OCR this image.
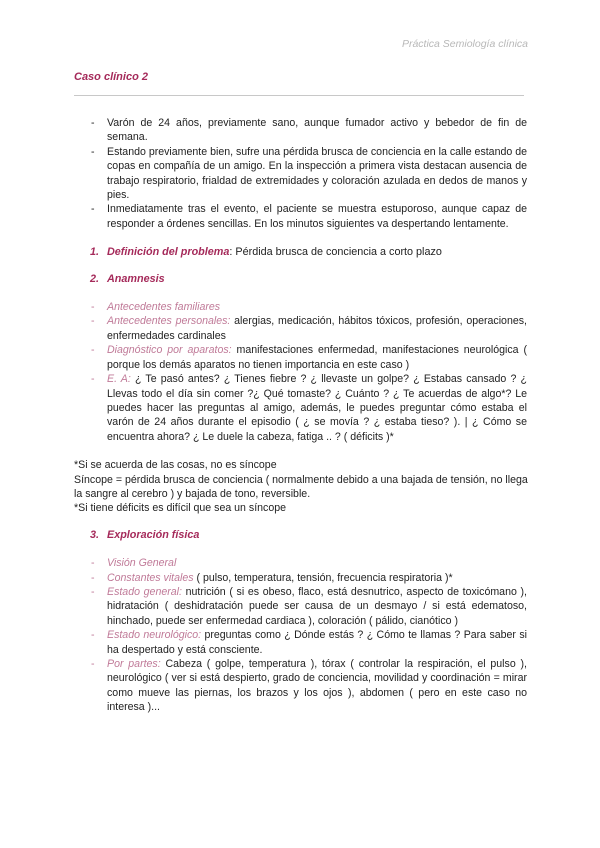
Práctica Semiología clínica
Caso clínico 2
- Varón de 24 años, previamente sano, aunque fumador activo y bebedor de fin de semana.
- Estando previamente bien, sufre una pérdida brusca de conciencia en la calle estando de copas en compañía de un amigo. En la inspección a primera vista destacan ausencia de trabajo respiratorio, frialdad de extremidades y coloración azulada en dedos de manos y pies.
- Inmediatamente tras el evento, el paciente se muestra estuporoso, aunque capaz de responder a órdenes sencillas. En los minutos siguientes va despertando lentamente.
1. Definición del problema: Pérdida brusca de conciencia a corto plazo
2. Anamnesis
- Antecedentes familiares
- Antecedentes personales: alergias, medicación, hábitos tóxicos, profesión, operaciones, enfermedades cardinales
- Diagnóstico por aparatos: manifestaciones enfermedad, manifestaciones neurológica ( porque los demás aparatos no tienen importancia en este caso )
- E. A: ¿ Te pasó antes? ¿ Tienes fiebre ? ¿ llevaste un golpe? ¿ Estabas cansado ? ¿ Llevas todo el día sin comer ?¿ Qué tomaste? ¿ Cuánto ? ¿ Te acuerdas de algo*? Le puedes hacer las preguntas al amigo, además, le puedes preguntar cómo estaba el varón de 24 años durante el episodio ( ¿ se movía ? ¿ estaba tieso? ). | ¿ Cómo se encuentra ahora? ¿ Le duele la cabeza, fatiga .. ? ( déficits )*
*Si se acuerda de las cosas, no es síncope
Síncope = pérdida brusca de conciencia ( normalmente debido a una bajada de tensión, no llega la sangre al cerebro ) y bajada de tono, reversible.
*Si tiene déficits es difícil que sea un síncope
3. Exploración física
- Visión General
- Constantes vitales ( pulso, temperatura, tensión, frecuencia respiratoria )*
- Estado general: nutrición ( si es obeso, flaco, está desnutrico, aspecto de toxicómano ), hidratación ( deshidratación puede ser causa de un desmayo / si está edematoso, hinchado, puede ser enfermedad cardiaca ), coloración ( pálido, cianótico )
- Estado neurológico: preguntas como ¿ Dónde estás ? ¿ Cómo te llamas ? Para saber si ha despertado y está consciente.
- Por partes: Cabeza ( golpe, temperatura ), tórax ( controlar la respiración, el pulso ), neurológico ( ver si está despierto, grado de conciencia, movilidad y coordinación = mirar como mueve las piernas, los brazos y los ojos ), abdomen ( pero en este caso no interesa )...
